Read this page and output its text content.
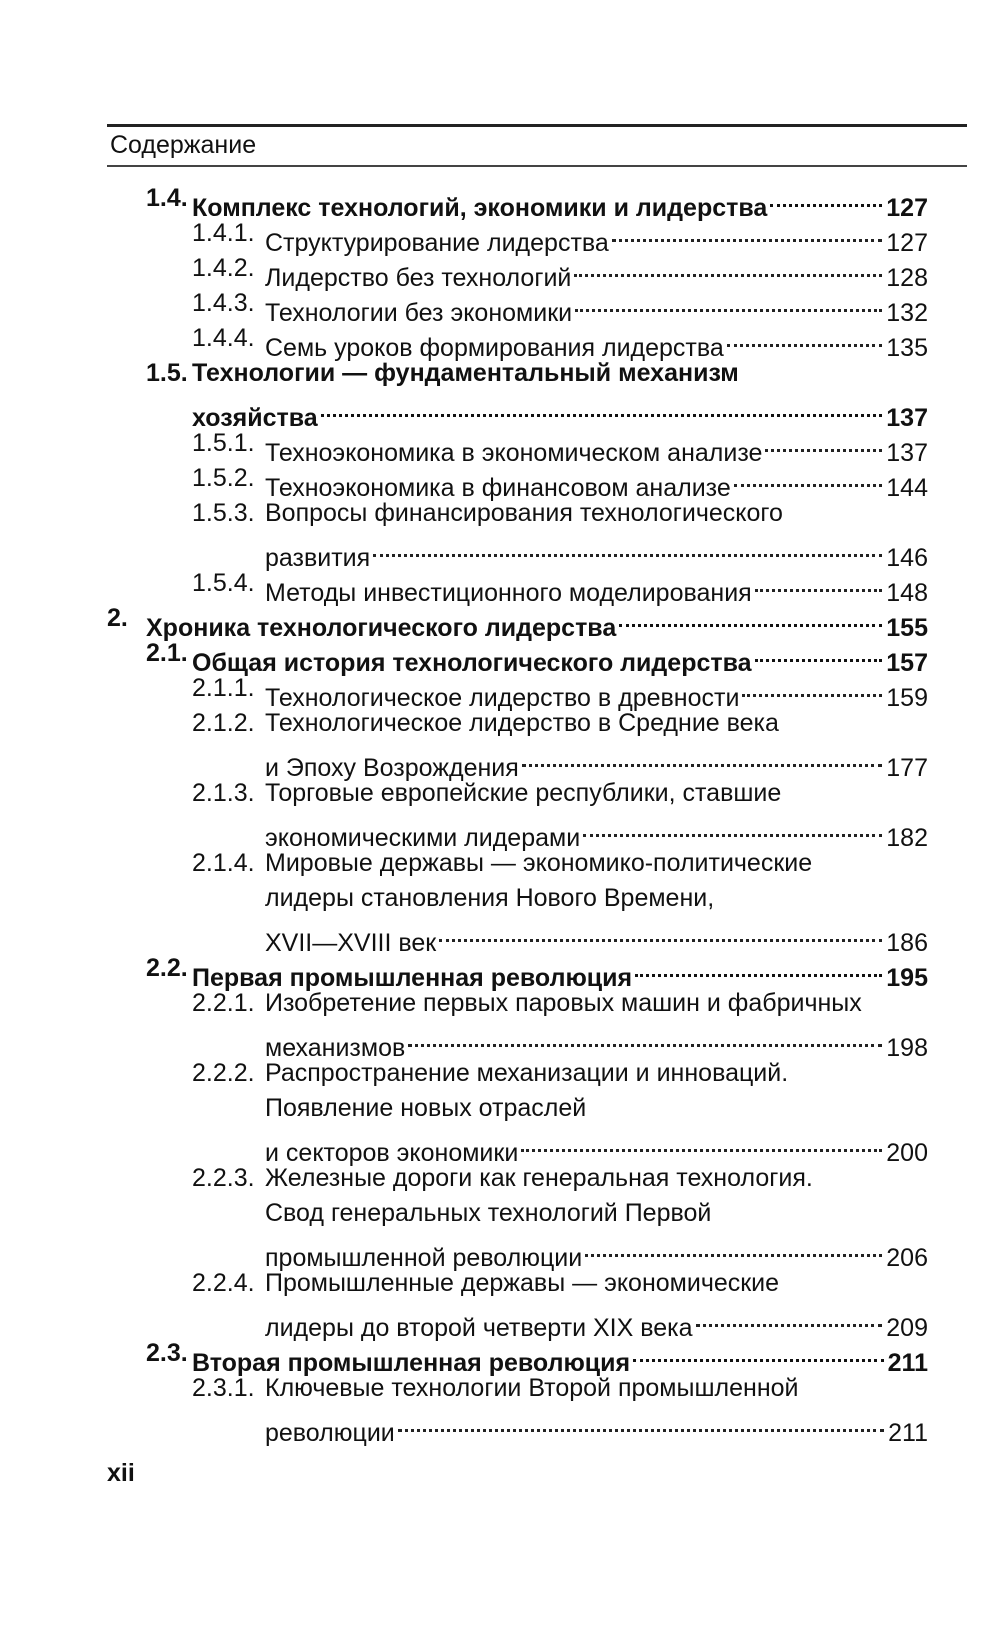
Содержание
1.4. Комплекс технологий, экономики и лидерства	127
1.4.1. Структурирование лидерства	127
1.4.2. Лидерство без технологий	128
1.4.3. Технологии без экономики	132
1.4.4. Семь уроков формирования лидерства	135
1.5. Технологии — фундаментальный механизм
хозяйства	137
1.5.1. Техноэкономика в экономическом анализе	137
1.5.2. Техноэкономика в финансовом анализе	144
1.5.3. Вопросы финансирования технологического
развития	146
1.5.4. Методы инвестиционного моделирования	148
2. Хроника технологического лидерства	155
2.1. Общая история технологического лидерства	157
2.1.1. Технологическое лидерство в древности	159
2.1.2. Технологическое лидерство в Средние века
и Эпоху Возрождения	177
2.1.3. Торговые европейские республики, ставшие
экономическими лидерами	182
2.1.4. Мировые державы — экономико-политические
лидеры становления Нового Времени,
XVII—XVIII век	186
2.2. Первая промышленная революция	195
2.2.1. Изобретение первых паровых машин и фабричных
механизмов	198
2.2.2. Распространение механизации и инноваций.
Появление новых отраслей
и секторов экономики	200
2.2.3. Железные дороги как генеральная технология.
Свод генеральных технологий Первой
промышленной революции	206
2.2.4. Промышленные державы — экономические
лидеры до второй четверти XIX века	209
2.3. Вторая промышленная революция	211
2.3.1. Ключевые технологии Второй промышленной
революции	211
xii
